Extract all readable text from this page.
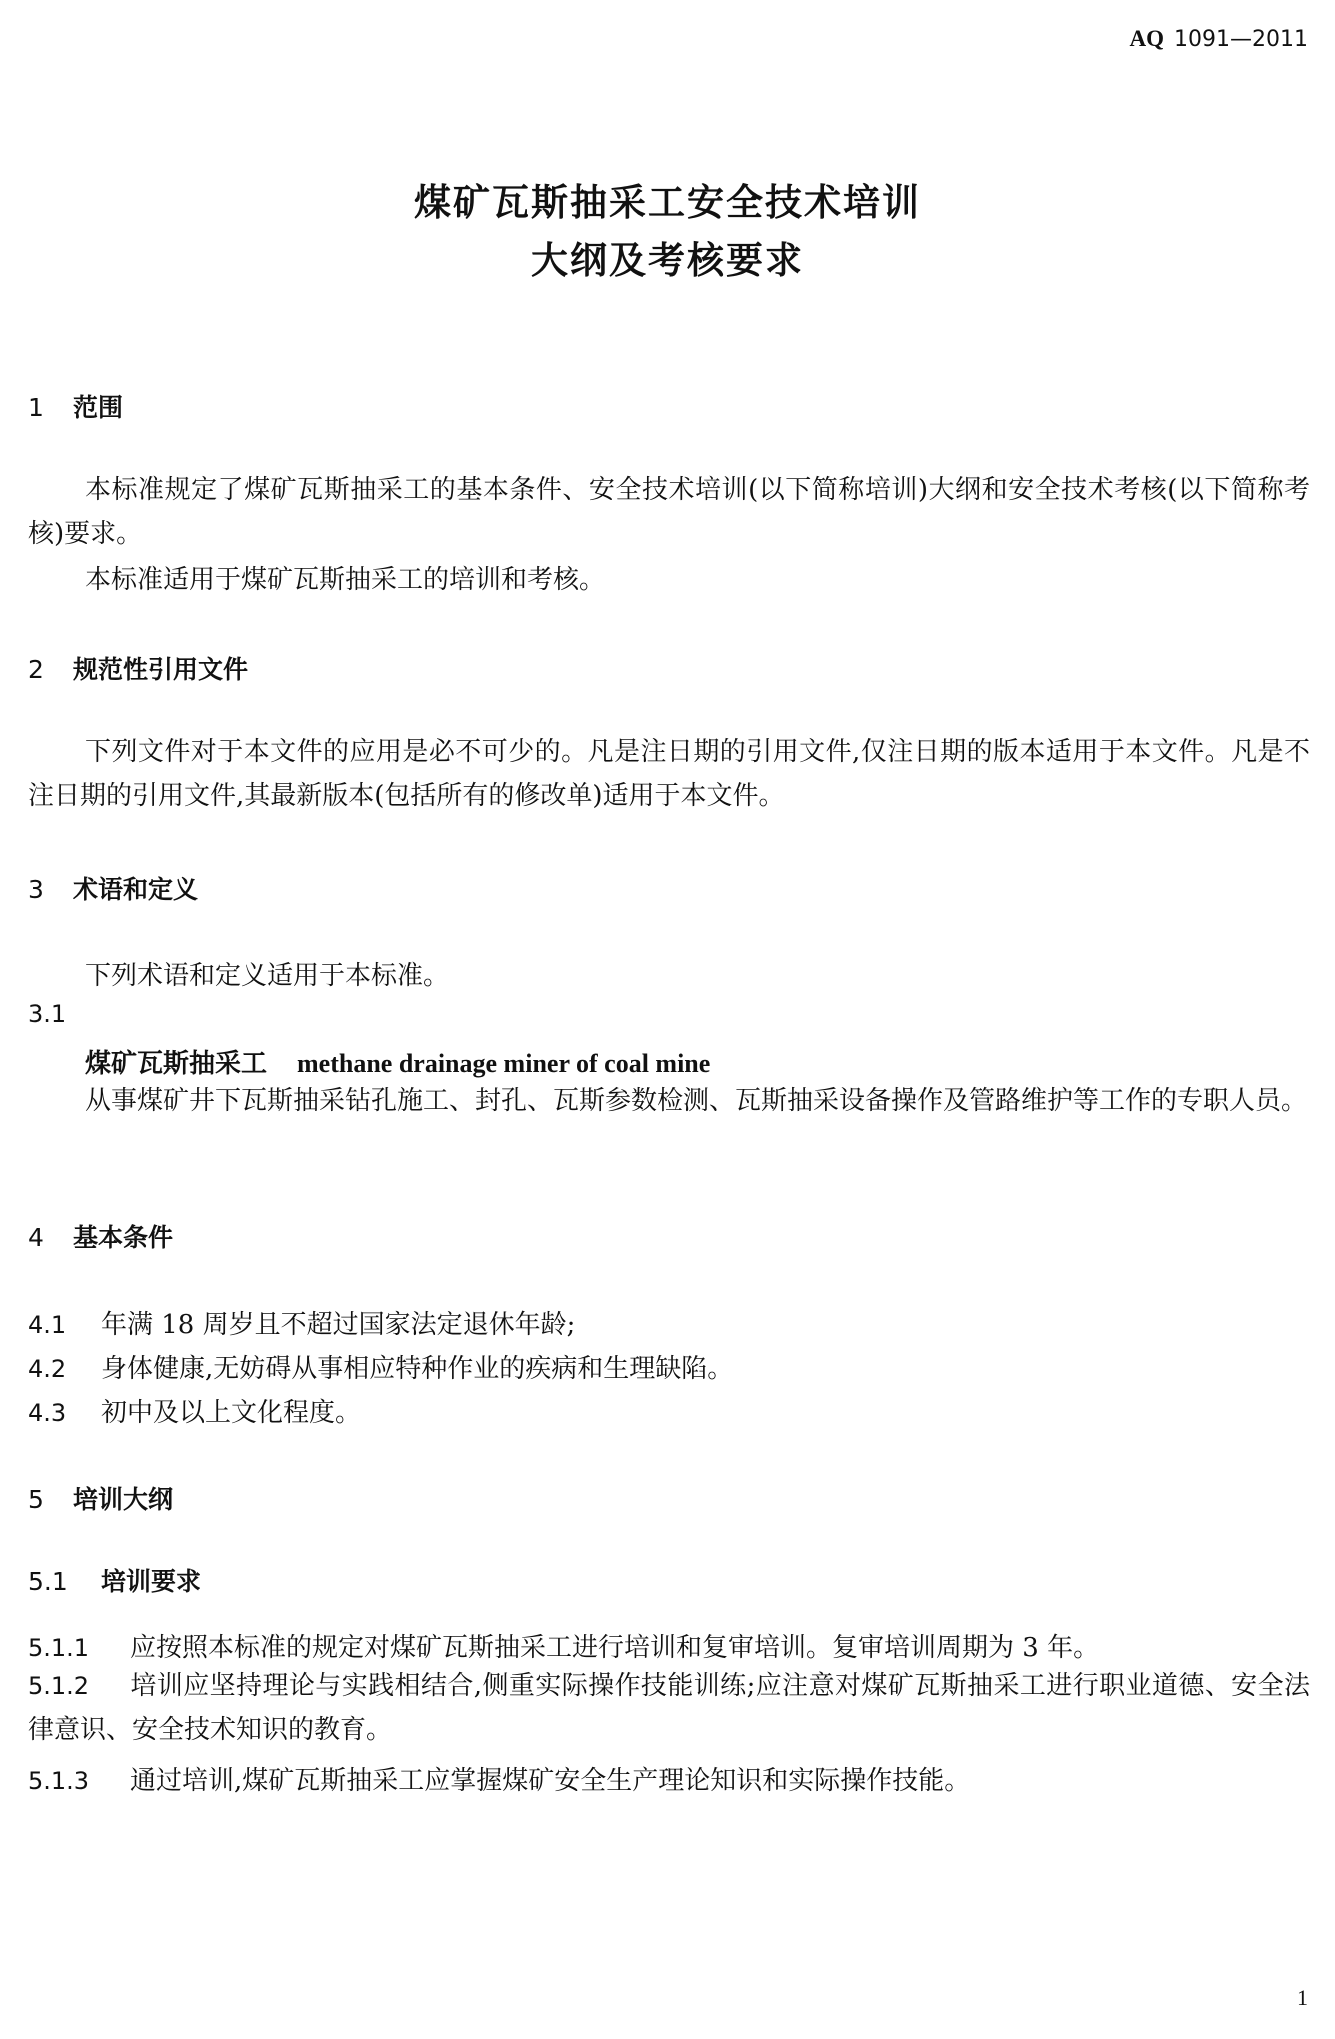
AQ 1091—2011
煤矿瓦斯抽采工安全技术培训
大纲及考核要求
1 范围
本标准规定了煤矿瓦斯抽采工的基本条件、安全技术培训(以下简称培训)大纲和安全技术考核(以下简称考核)要求。
本标准适用于煤矿瓦斯抽采工的培训和考核。
2 规范性引用文件
下列文件对于本文件的应用是必不可少的。凡是注日期的引用文件,仅注日期的版本适用于本文件。凡是不注日期的引用文件,其最新版本(包括所有的修改单)适用于本文件。
3 术语和定义
下列术语和定义适用于本标准。
3.1
煤矿瓦斯抽采工 methane drainage miner of coal mine
从事煤矿井下瓦斯抽采钻孔施工、封孔、瓦斯参数检测、瓦斯抽采设备操作及管路维护等工作的专职人员。
4 基本条件
4.1 年满 18 周岁且不超过国家法定退休年龄;
4.2 身体健康,无妨碍从事相应特种作业的疾病和生理缺陷。
4.3 初中及以上文化程度。
5 培训大纲
5.1 培训要求
5.1.1 应按照本标准的规定对煤矿瓦斯抽采工进行培训和复审培训。复审培训周期为 3 年。
5.1.2 培训应坚持理论与实践相结合,侧重实际操作技能训练;应注意对煤矿瓦斯抽采工进行职业道德、安全法律意识、安全技术知识的教育。
5.1.3 通过培训,煤矿瓦斯抽采工应掌握煤矿安全生产理论知识和实际操作技能。
1
